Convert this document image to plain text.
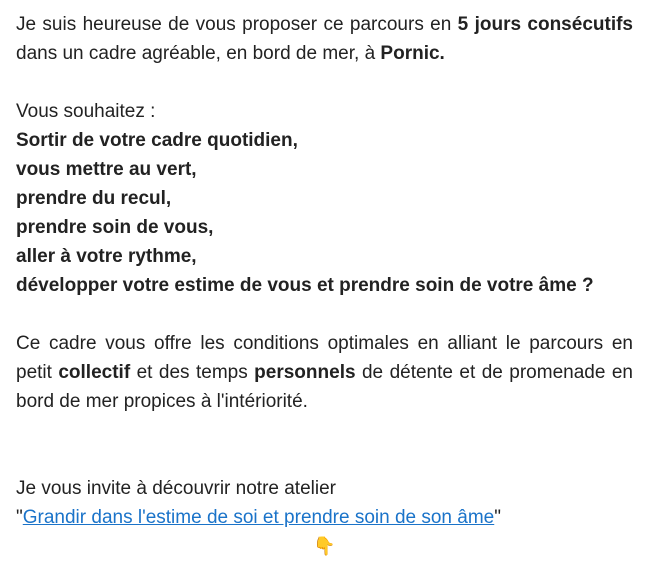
Je suis heureuse de vous proposer ce parcours en 5 jours consécutifs dans un cadre agréable, en bord de mer, à Pornic.

Vous souhaitez :

Sortir de votre cadre quotidien,

vous mettre au vert,

prendre du recul,

prendre soin de vous,

aller à votre rythme,

développer votre estime de vous et prendre soin de votre âme ?

Ce cadre vous offre les conditions optimales en alliant le parcours en petit collectif et des temps personnels de détente et de promenade en bord de mer propices à l'intériorité.

Je vous invite à découvrir notre atelier

"Grandir dans l'estime de soi et prendre soin de son âme"

👇
